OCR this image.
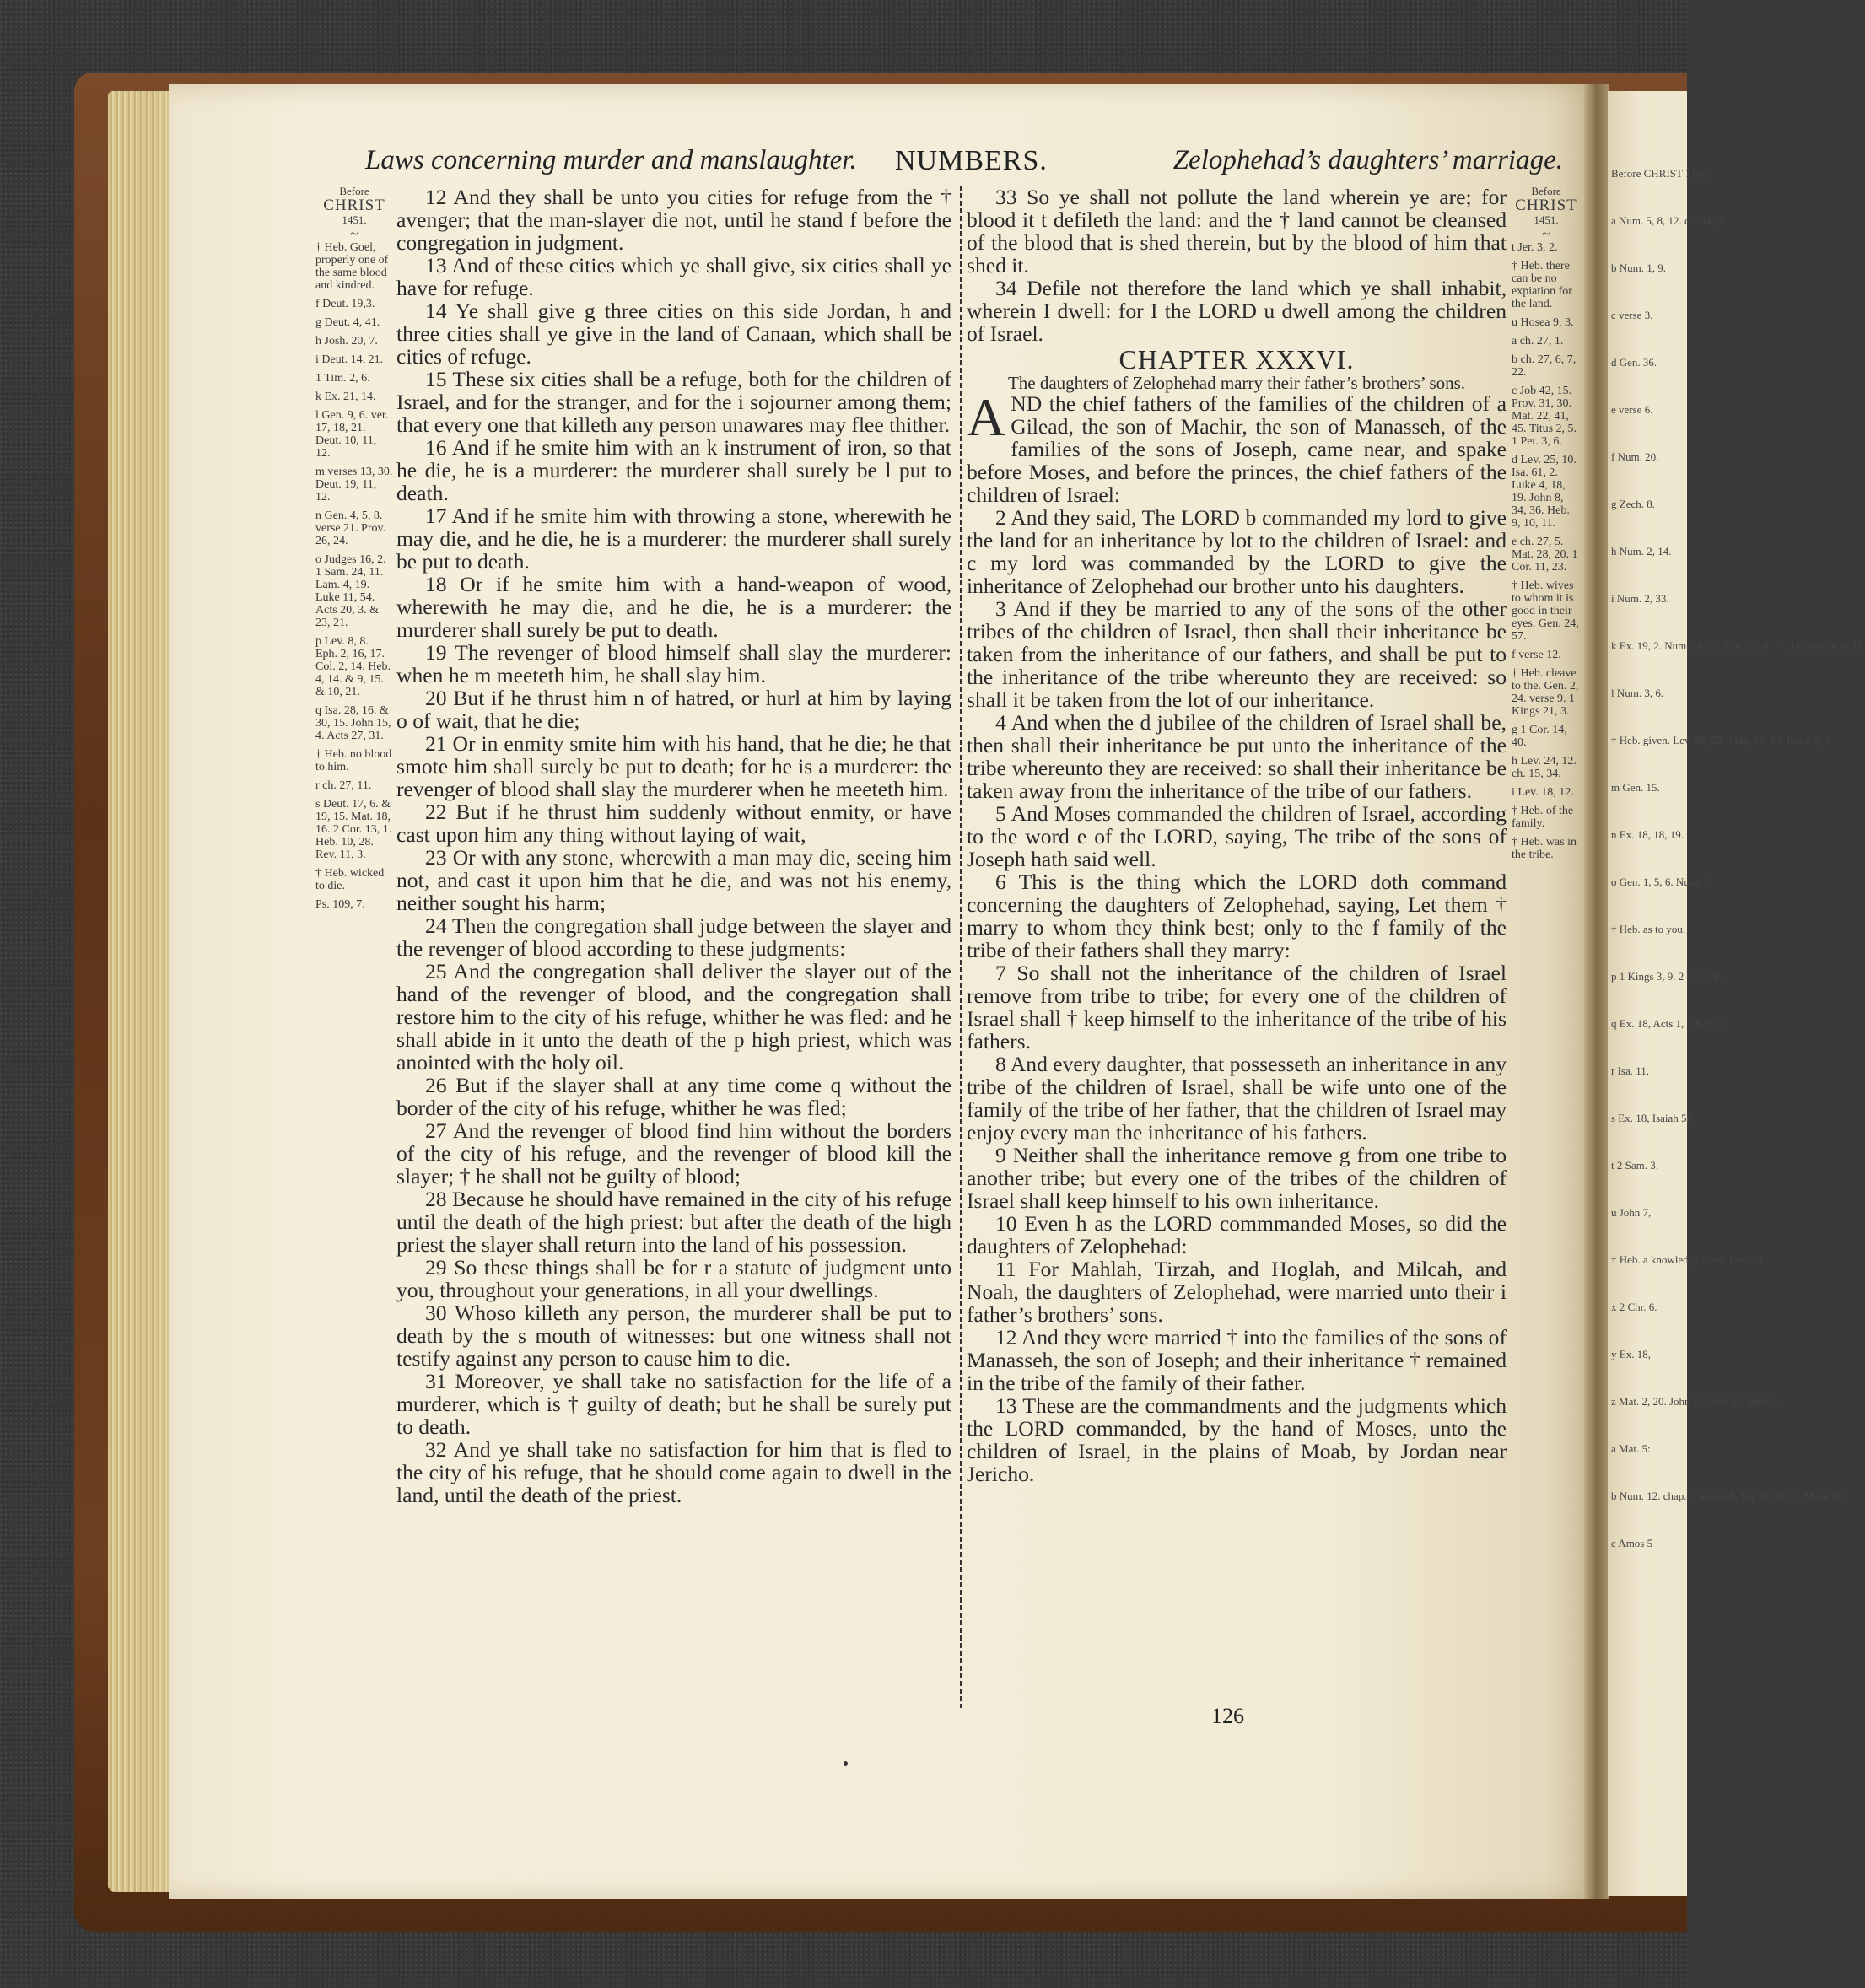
Before CHRIST 1490.
a Num. 5, 8, 12. ch. 34, 5.
b Num. 1, 9.
c verse 3.
d Gen. 36.
e verse 6.
f Num. 20.
g Zech. 8.
h Num. 2, 14.
i Num. 2, 33.
k Ex. 19, 2. Num. 10, 12. Gal. 3, 10. 17, 18. Heb. 4, 6. 11.
l Num. 3, 6.
† Heb. given. Lev. 25, 23. Judg. 11. 23. Rom. 6, 2.
m Gen. 15.
n Ex. 18, 18, 19.
o Gen. 1, 5, 6. Num. 1,
† Heb. as to you.
p 1 Kings 3, 9. 2 Cor. 28.
q Ex. 18, Acts 1, 1 & 6, 3.
r Isa. 11,
s Ex. 18, Isaiah 58.
t 2 Sam. 3.
u John 7,
† Heb. a knowledge faces. Lev. 19,
x 2 Chr. 6.
y Ex. 18,
z Mat. 2, 20. John 15, Acts 20, Heb. 3,
a Mat. 5:
b Num. 12. chap. 3, Psalm 6, Isa. 40, Jer. 3, Mark 10,
c Amos 5
Laws concerning murder and manslaughter. NUMBERS.	Zelophehad’s daughters’ marriage.
Before
CHRIST
1451.
~
† Heb. Goel, properly one of the same blood and kindred.
f Deut. 19,3.
g Deut. 4, 41.
h Josh. 20, 7.
i Deut. 14, 21.
1 Tim. 2, 6.
k Ex. 21, 14.
l Gen. 9, 6. ver. 17, 18, 21. Deut. 10, 11, 12.
m verses 13, 30. Deut. 19, 11, 12.
n Gen. 4, 5, 8. verse 21. Prov. 26, 24.
o Judges 16, 2. 1 Sam. 24, 11. Lam. 4, 19. Luke 11, 54. Acts 20, 3. & 23, 21.
p Lev. 8, 8. Eph. 2, 16, 17. Col. 2, 14. Heb. 4, 14. & 9, 15. & 10, 21.
q Isa. 28, 16. & 30, 15. John 15, 4. Acts 27, 31.
† Heb. no blood to him.
r ch. 27, 11.
s Deut. 17, 6. & 19, 15. Mat. 18, 16. 2 Cor. 13, 1. Heb. 10, 28. Rev. 11, 3.
† Heb. wicked to die.
Ps. 109, 7.

12 And they shall be unto you cities for refuge from the † avenger; that the man-slayer die not, until he stand f before the congregation in judgment.

13 And of these cities which ye shall give, six cities shall ye have for refuge.

14 Ye shall give g three cities on this side Jordan, h and three cities shall ye give in the land of Canaan, which shall be cities of refuge.

15 These six cities shall be a refuge, both for the children of Israel, and for the stranger, and for the i sojourner among them; that every one that killeth any person unawares may flee thither.

16 And if he smite him with an k instrument of iron, so that he die, he is a murderer: the murderer shall surely be l put to death.

17 And if he smite him with throwing a stone, wherewith he may die, and he die, he is a murderer: the murderer shall surely be put to death.

18 Or if he smite him with a hand-weapon of wood, wherewith he may die, and he die, he is a murderer: the murderer shall surely be put to death.

19 The revenger of blood himself shall slay the murderer: when he m meeteth him, he shall slay him.

20 But if he thrust him n of hatred, or hurl at him by laying o of wait, that he die;

21 Or in enmity smite him with his hand, that he die; he that smote him shall surely be put to death; for he is a murderer: the revenger of blood shall slay the murderer when he meeteth him.

22 But if he thrust him suddenly without enmity, or have cast upon him any thing without laying of wait,

23 Or with any stone, wherewith a man may die, seeing him not, and cast it upon him that he die, and was not his enemy, neither sought his harm;

24 Then the congregation shall judge between the slayer and the revenger of blood according to these judgments:

25 And the congregation shall deliver the slayer out of the hand of the revenger of blood, and the congregation shall restore him to the city of his refuge, whither he was fled: and he shall abide in it unto the death of the p high priest, which was anointed with the holy oil.

26 But if the slayer shall at any time come q without the border of the city of his refuge, whither he was fled;

27 And the revenger of blood find him without the borders of the city of his refuge, and the revenger of blood kill the slayer; † he shall not be guilty of blood;

28 Because he should have remained in the city of his refuge until the death of the high priest: but after the death of the high priest the slayer shall return into the land of his possession.

29 So these things shall be for r a statute of judgment unto you, throughout your generations, in all your dwellings.

30 Whoso killeth any person, the murderer shall be put to death by the s mouth of witnesses: but one witness shall not testify against any person to cause him to die.

31 Moreover, ye shall take no satisfaction for the life of a murderer, which is † guilty of death; but he shall be surely put to death.

32 And ye shall take no satisfaction for him that is fled to the city of his refuge, that he should come again to dwell in the land, until the death of the priest.

33 So ye shall not pollute the land wherein ye are; for blood it t defileth the land: and the † land cannot be cleansed of the blood that is shed therein, but by the blood of him that shed it.

34 Defile not therefore the land which ye shall inhabit, wherein I dwell: for I the LORD u dwell among the children of Israel.

CHAPTER XXXVI.

The daughters of Zelophehad marry their father’s brothers’ sons.

AND the chief fathers of the families of the children of a Gilead, the son of Machir, the son of Manasseh, of the families of the sons of Joseph, came near, and spake before Moses, and before the princes, the chief fathers of the children of Israel:

2 And they said, The LORD b commanded my lord to give the land for an inheritance by lot to the children of Israel: and c my lord was commanded by the LORD to give the inheritance of Zelophehad our brother unto his daughters.

3 And if they be married to any of the sons of the other tribes of the children of Israel, then shall their inheritance be taken from the inheritance of our fathers, and shall be put to the inheritance of the tribe whereunto they are received: so shall it be taken from the lot of our inheritance.

4 And when the d jubilee of the children of Israel shall be, then shall their inheritance be put unto the inheritance of the tribe whereunto they are received: so shall their inheritance be taken away from the inheritance of the tribe of our fathers.

5 And Moses commanded the children of Israel, according to the word e of the LORD, saying, The tribe of the sons of Joseph hath said well.

6 This is the thing which the LORD doth command concerning the daughters of Zelophehad, saying, Let them † marry to whom they think best; only to the f family of the tribe of their fathers shall they marry:

7 So shall not the inheritance of the children of Israel remove from tribe to tribe; for every one of the children of Israel shall † keep himself to the inheritance of the tribe of his fathers.

8 And every daughter, that possesseth an inheritance in any tribe of the children of Israel, shall be wife unto one of the family of the tribe of her father, that the children of Israel may enjoy every man the inheritance of his fathers.

9 Neither shall the inheritance remove g from one tribe to another tribe; but every one of the tribes of the children of Israel shall keep himself to his own inheritance.

10 Even h as the LORD commmanded Moses, so did the daughters of Zelophehad:

11 For Mahlah, Tirzah, and Hoglah, and Milcah, and Noah, the daughters of Zelophehad, were married unto their i father’s brothers’ sons.

12 And they were married † into the families of the sons of Manasseh, the son of Joseph; and their inheritance † remained in the tribe of the family of their father.

13 These are the commandments and the judgments which the LORD commanded, by the hand of Moses, unto the children of Israel, in the plains of Moab, by Jordan near Jericho.

Before
CHRIST
1451.
~
t Jer. 3, 2.
† Heb. there can be no expiation for the land.
u Hosea 9, 3.
a ch. 27, 1.
b ch. 27, 6, 7, 22.
c Job 42, 15. Prov. 31, 30. Mat. 22, 41, 45. Titus 2, 5. 1 Pet. 3, 6.
d Lev. 25, 10. Isa. 61, 2. Luke 4, 18, 19. John 8, 34, 36. Heb. 9, 10, 11.
e ch. 27, 5. Mat. 28, 20. 1 Cor. 11, 23.
† Heb. wives to whom it is good in their eyes. Gen. 24, 57.
f verse 12.
† Heb. cleave to the. Gen. 2, 24. verse 9. 1 Kings 21, 3.
g 1 Cor. 14, 40.
h Lev. 24, 12. ch. 15, 34.
i Lev. 18, 12.
† Heb. of the family.
† Heb. was in the tribe.
126
